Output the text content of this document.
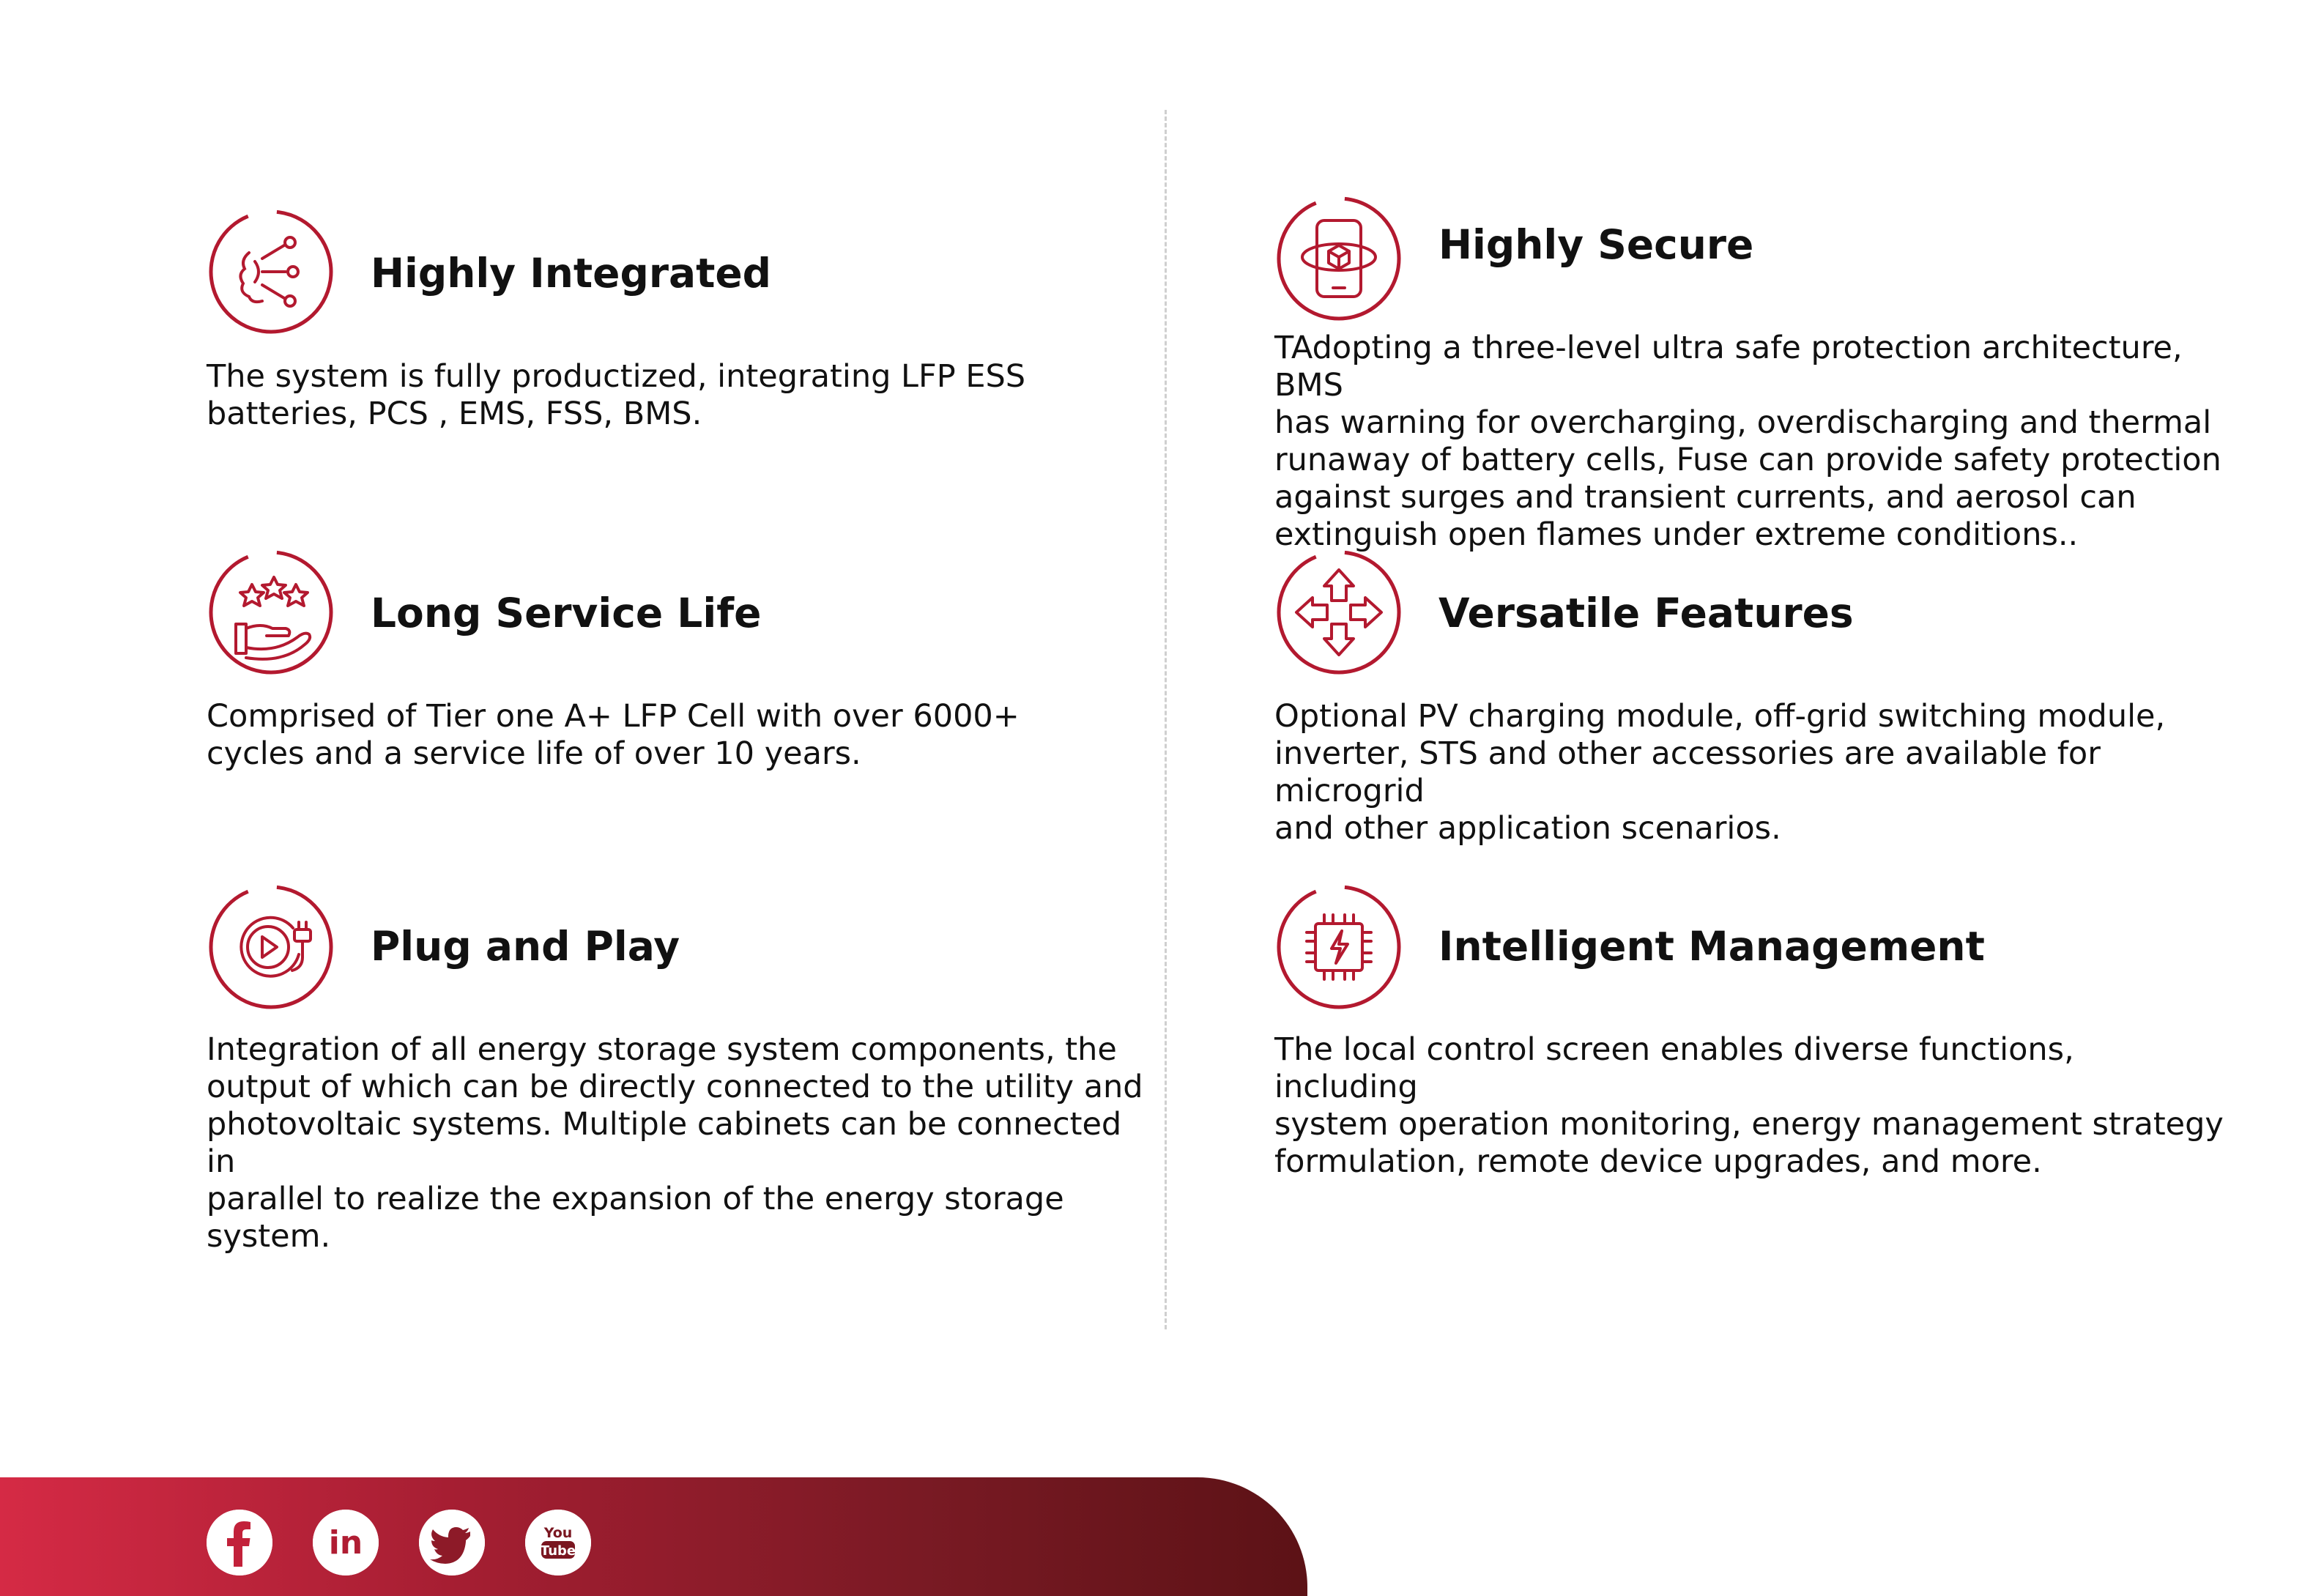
Highly Integrated

The system is fully productized, integrating LFP ESS
batteries, PCS , EMS, FSS, BMS.

Highly Secure

TAdopting a three-level ultra safe protection architecture, BMS
has warning for overcharging, overdischarging and thermal
runaway of battery cells, Fuse can provide safety protection
against surges and transient currents, and aerosol can
extinguish open flames under extreme conditions..

Long Service Life

Comprised of Tier one A+ LFP Cell with over 6000+
cycles and a service life of over 10 years.

Versatile Features

Optional PV charging module, off-grid switching module,
inverter, STS and other accessories are available for microgrid
and other application scenarios.

Plug and Play

Integration of all energy storage system components, the
output of which can be directly connected to the utility and
photovoltaic systems. Multiple cabinets can be connected in
parallel to realize the expansion of the energy storage system.

Intelligent Management

The local control screen enables diverse functions, including
system operation monitoring, energy management strategy
formulation, remote device upgrades, and more.

in	You
Tube
